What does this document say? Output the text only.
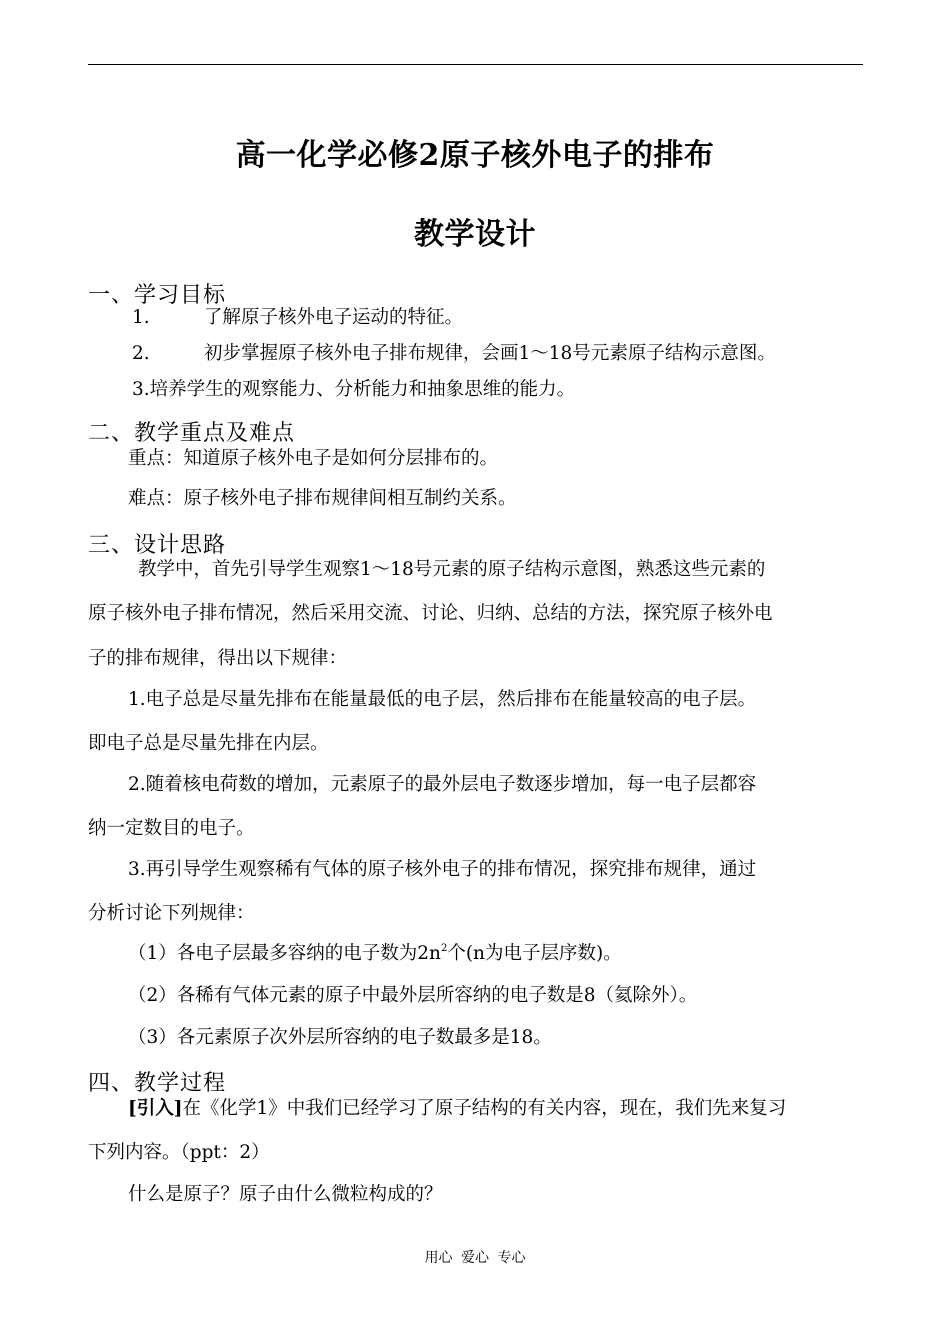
高一化学必修2原子核外电子的排布
教学设计
一、学习目标
1.	了解原子核外电子运动的特征。
2.	初步掌握原子核外电子排布规律，会画1～18号元素原子结构示意图。
3.培养学生的观察能力、分析能力和抽象思维的能力。
二、教学重点及难点
重点：知道原子核外电子是如何分层排布的。
难点：原子核外电子排布规律间相互制约关系。
三、设计思路
教学中，首先引导学生观察1～18号元素的原子结构示意图，熟悉这些元素的
原子核外电子排布情况，然后采用交流、讨论、归纳、总结的方法，探究原子核外电
子的排布规律，得出以下规律：
1.电子总是尽量先排布在能量最低的电子层，然后排布在能量较高的电子层。
即电子总是尽量先排在内层。
2.随着核电荷数的增加，元素原子的最外层电子数逐步增加，每一电子层都容
纳一定数目的电子。
3.再引导学生观察稀有气体的原子核外电子的排布情况，探究排布规律，通过
分析讨论下列规律：
（1）各电子层最多容纳的电子数为$2n^2$个(n为电子层序数)。
（2）各稀有气体元素的原子中最外层所容纳的电子数是8（氦除外）。
（3）各元素原子次外层所容纳的电子数最多是18。
四、教学过程
[引入]在《化学1》中我们已经学习了原子结构的有关内容，现在，我们先来复习
下列内容。（ppt：2）
什么是原子？原子由什么微粒构成的？
用心 爱心 专心
